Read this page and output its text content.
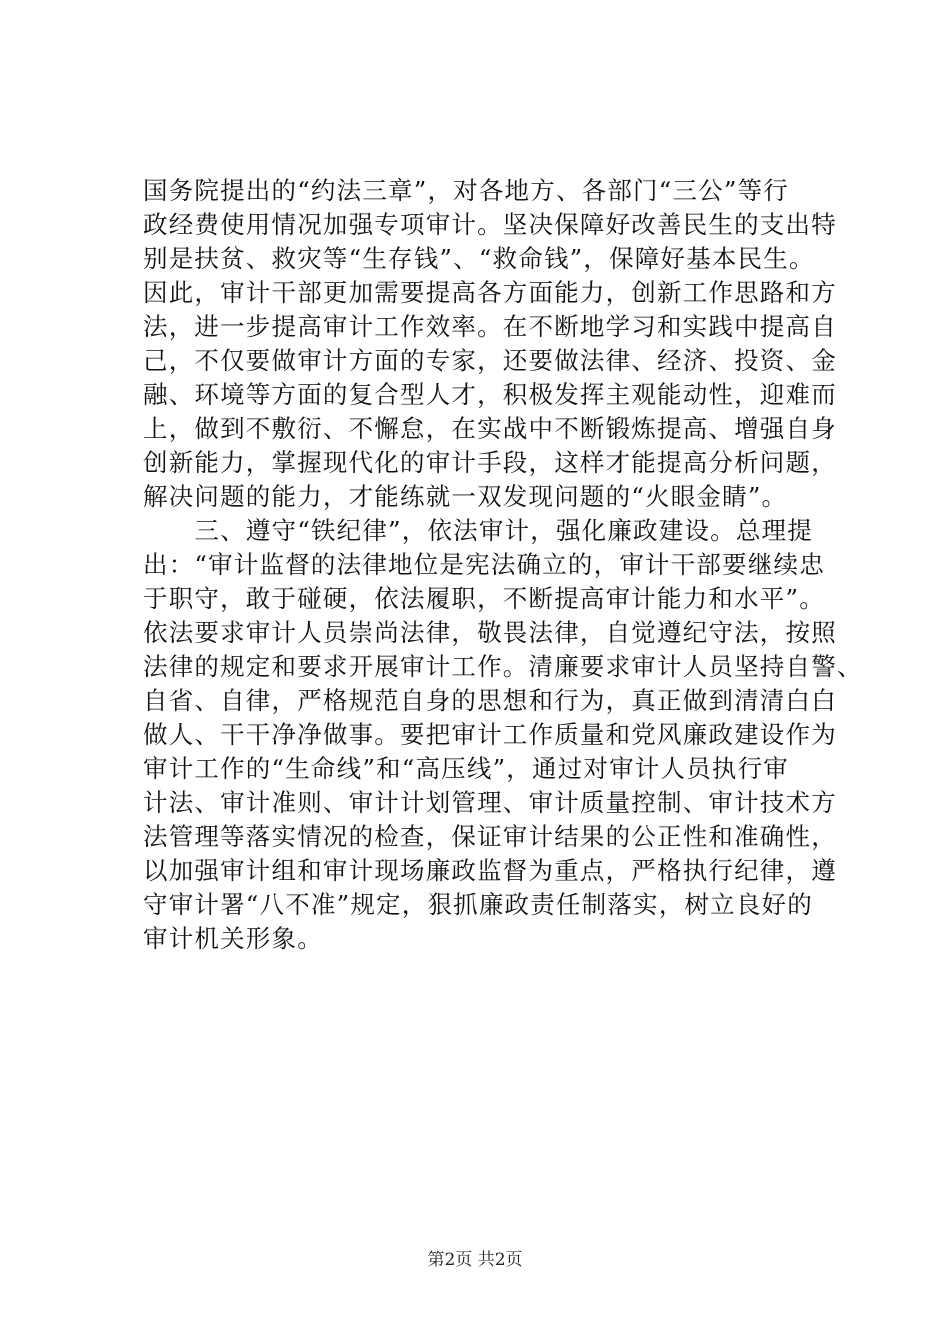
国务院提出的“约法三章”，对各地方、各部门“三公”等行
政经费使用情况加强专项审计。坚决保障好改善民生的支出特
别是扶贫、救灾等“生存钱”、“救命钱”，保障好基本民生。
因此，审计干部更加需要提高各方面能力，创新工作思路和方
法，进一步提高审计工作效率。在不断地学习和实践中提高自
己，不仅要做审计方面的专家，还要做法律、经济、投资、金
融、环境等方面的复合型人才，积极发挥主观能动性，迎难而
上，做到不敷衍、不懈怠，在实战中不断锻炼提高、增强自身
创新能力，掌握现代化的审计手段，这样才能提高分析问题，
解决问题的能力，才能练就一双发现问题的“火眼金睛”。
　　三、遵守“铁纪律”，依法审计，强化廉政建设。总理提
出：“审计监督的法律地位是宪法确立的，审计干部要继续忠
于职守，敢于碰硬，依法履职，不断提高审计能力和水平”。
依法要求审计人员崇尚法律，敬畏法律，自觉遵纪守法，按照
法律的规定和要求开展审计工作。清廉要求审计人员坚持自警、
自省、自律，严格规范自身的思想和行为，真正做到清清白白
做人、干干净净做事。要把审计工作质量和党风廉政建设作为
审计工作的“生命线”和“高压线”，通过对审计人员执行审
计法、审计准则、审计计划管理、审计质量控制、审计技术方
法管理等落实情况的检查，保证审计结果的公正性和准确性，
以加强审计组和审计现场廉政监督为重点，严格执行纪律，遵
守审计署“八不准”规定，狠抓廉政责任制落实，树立良好的
审计机关形象。
第2页 共2页
